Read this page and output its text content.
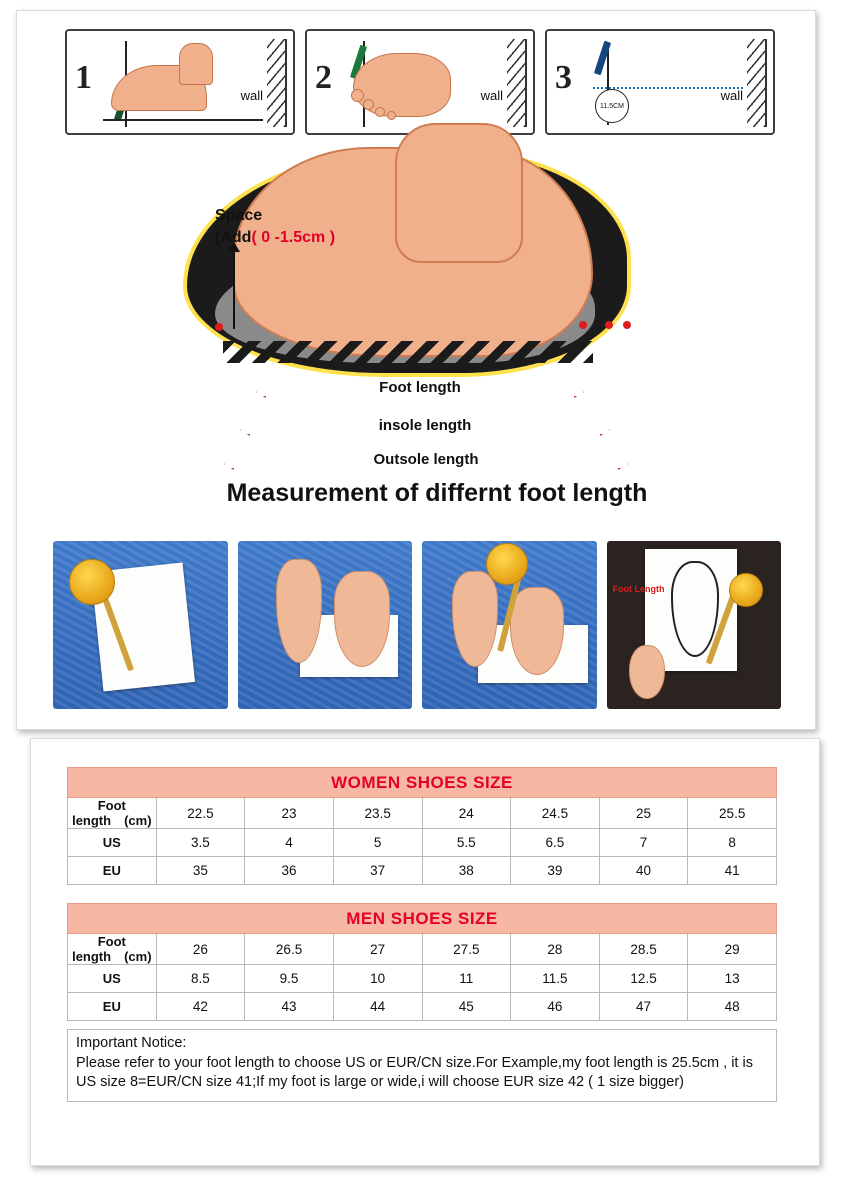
1	wall 2	wall 3
11.5CM
wall
Space
(Add( 0 -1.5cm )
Foot length
insole length
Outsole length
Measurement of differnt foot length
Foot Length
WOMEN SHOES SIZE							
Foot length (cm)	22.5	23	23.5	24	24.5	25	25.5
US	3.5	4	5	5.5	6.5	7	8
EU	35	36	37	38	39	40	41
MEN SHOES SIZE							
Foot length (cm)	26	26.5	27	27.5	28	28.5	29
US	8.5	9.5	10	11	11.5	12.5	13
EU	42	43	44	45	46	47	48
Important Notice:
Please refer to your foot length to choose US or EUR/CN size.For Example,my foot length is 25.5cm , it is US size 8=EUR/CN size 41;If my foot is large or wide,i will choose EUR size 42 ( 1 size bigger)
